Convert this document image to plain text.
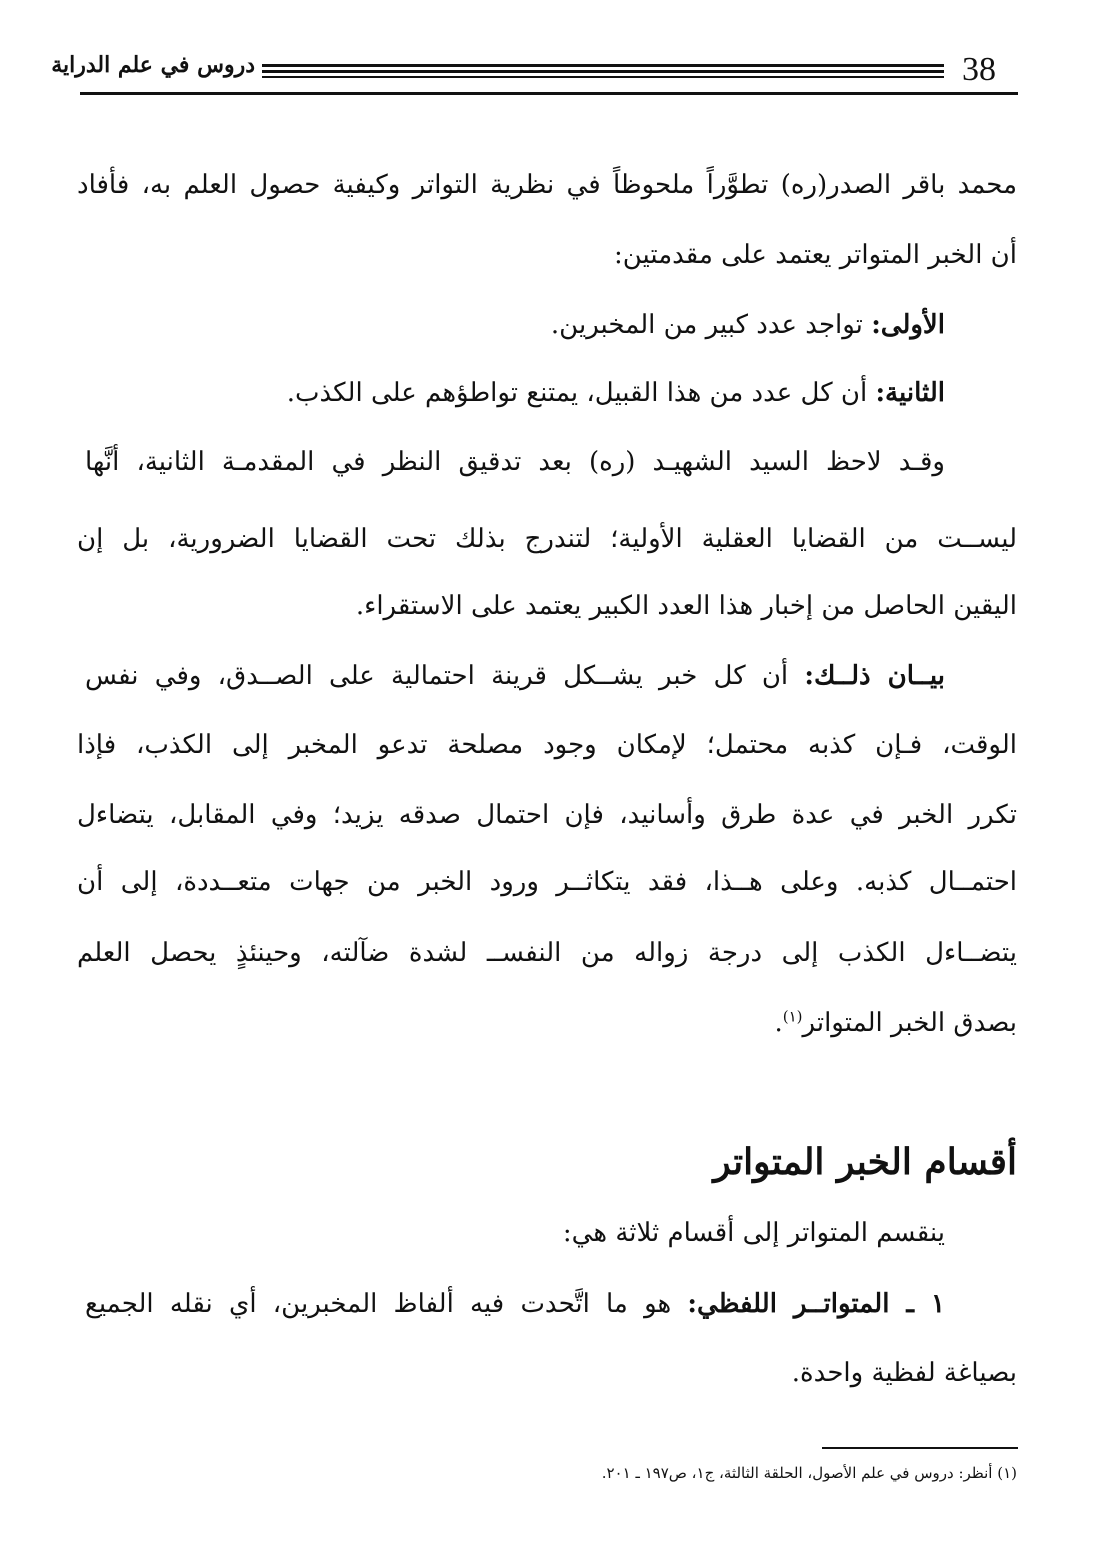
38
دروس في علم الدراية
محمد باقر الصدر(ره) تطوَّراً ملحوظاً في نظرية التواتر وكيفية حصول العلم به، فأفاد
أن الخبر المتواتر يعتمد على مقدمتين:
الأولى: تواجد عدد كبير من المخبرين.
الثانية: أن كل عدد من هذا القبيل، يمتنع تواطؤهم على الكذب.
وقـد لاحظ السيد الشهيـد (ره) بعد تدقيق النظر في المقدمـة الثانية، أنَّها
ليســت من القضايا العقلية الأولية؛ لتندرج بذلك تحت القضايا الضرورية، بل إن
اليقين الحاصل من إخبار هذا العدد الكبير يعتمد على الاستقراء.
بيــان ذلــك: أن كل خبر يشــكل قرينة احتمالية على الصــدق، وفي نفس
الوقت، فـإن كذبه محتمل؛ لإمكان وجود مصلحة تدعو المخبر إلى الكذب، فإذا
تكرر الخبر في عدة طرق وأسانيد، فإن احتمال صدقه يزيد؛ وفي المقابل، يتضاءل
احتمــال كذبه. وعلى هــذا، فقد يتكاثــر ورود الخبر من جهات متعــددة، إلى أن
يتضــاءل الكذب إلى درجة زواله من النفســ لشدة ضآلته، وحينئذٍ يحصل العلم
بصدق الخبر المتواتر$^{(١)}$.
أقسام الخبر المتواتر
ينقسم المتواتر إلى أقسام ثلاثة هي:
١ ـ المتواتــر اللفظي: هو ما اتَّحدت فيه ألفاظ المخبرين، أي نقله الجميع
بصياغة لفظية واحدة.
(١) أنظر: دروس في علم الأصول، الحلقة الثالثة، ج١، ص١٩٧ ـ ٢٠١.
